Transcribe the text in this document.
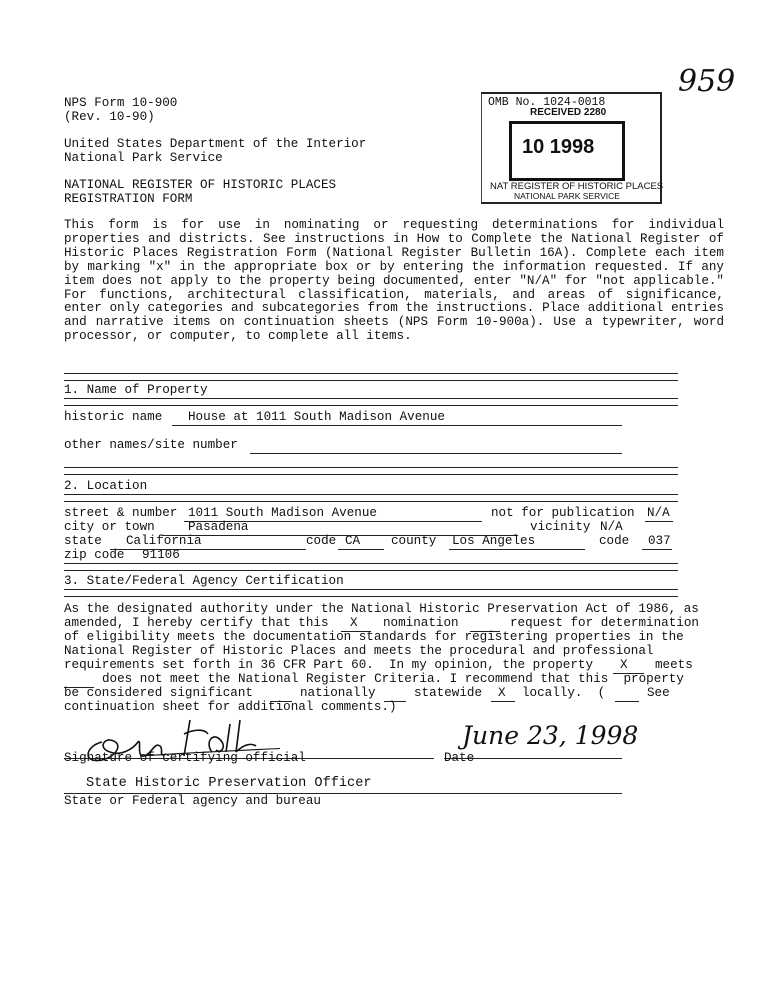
NPS Form 10-900
(Rev. 10-90)
United States Department of the Interior
National Park Service
NATIONAL REGISTER OF HISTORIC PLACES
REGISTRATION FORM
OMB No. 1024-0018
RECEIVED 2280
10 1998
NAT REGISTER OF HISTORIC PLACES
NATIONAL PARK SERVICE
959
This form is for use in nominating or requesting determinations for individual properties and districts. See instructions in How to Complete the National Register of Historic Places Registration Form (National Register Bulletin 16A). Complete each item by marking "x" in the appropriate box or by entering the information requested. If any item does not apply to the property being documented, enter "N/A" for "not applicable." For functions, architectural classification, materials, and areas of significance, enter only categories and subcategories from the instructions. Place additional entries and narrative items on continuation sheets (NPS Form 10-900a). Use a typewriter, word processor, or computer, to complete all items.
1. Name of Property
historic name House at 1011 South Madison Avenue
other names/site number
2. Location
street & number 1011 South Madison Avenue	not for publication N/A
city or town	Pasadena	vicinity N/A
state California	code CA county Los Angeles	code 037
zip code 91106
3. State/Federal Agency Certification
As the designated authority under the National Historic Preservation Act of 1986, as
amended, I hereby certify that this X nomination	request for determination
of eligibility meets the documentation standards for registering properties in the
National Register of Historic Places and meets the procedural and professional
requirements set forth in 36 CFR Part 60.  In my opinion, the property X meets
does not meet the National Register Criteria. I recommend that this  property
be considered significant	nationally	statewide X locally.  (	See
continuation sheet for additional comments.)
Signature of certifying official
June 23, 1998
Date
State Historic Preservation Officer
State or Federal agency and bureau
